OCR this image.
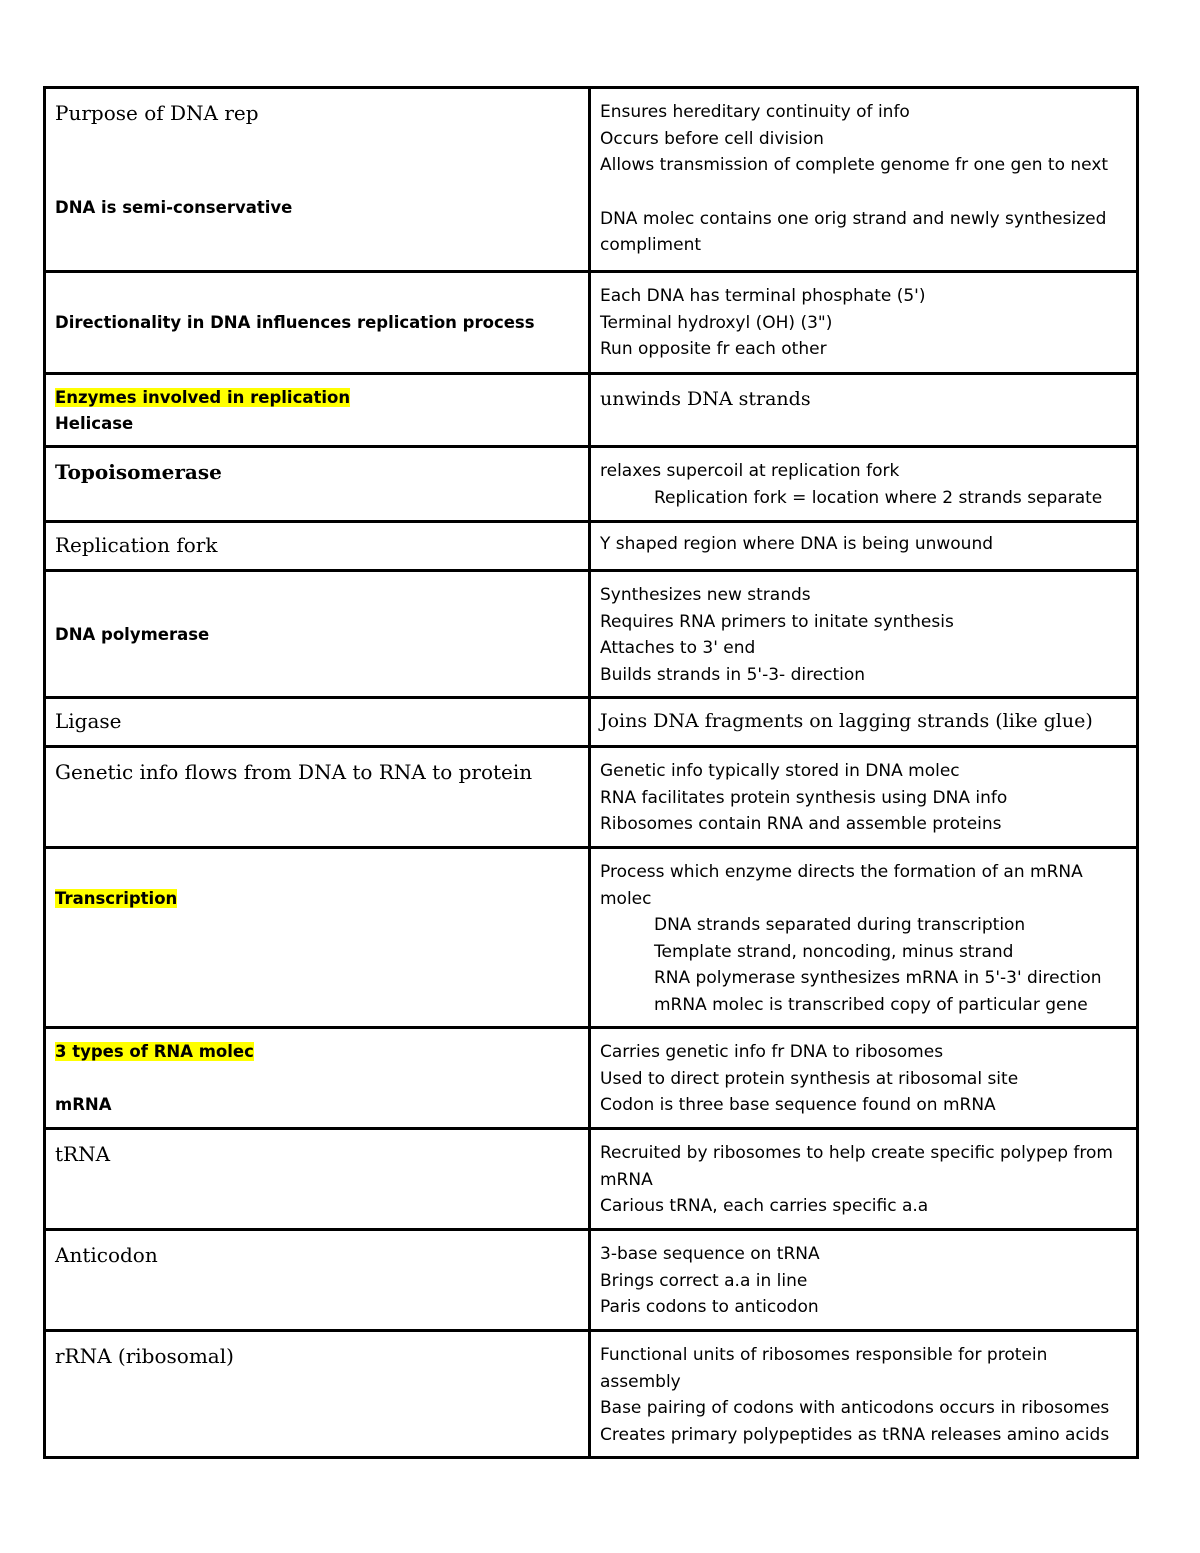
Purpose of DNA rep
DNA is semi-conservative	Ensures hereditary continuity of info
Occurs before cell division
Allows transmission of complete genome fr one gen to next
DNA molec contains one orig strand and newly synthesized compliment

Directionality in DNA influences replication process	Each DNA has terminal phosphate (5')
Terminal hydroxyl (OH) (3")
Run opposite fr each other

Enzymes involved in replication
Helicase	unwinds DNA strands

Topoisomerase	relaxes supercoil at replication fork
Replication fork = location where 2 strands separate

Replication fork	Y shaped region where DNA is being unwound

DNA polymerase	Synthesizes new strands
Requires RNA primers to initate synthesis
Attaches to 3' end
Builds strands in 5'-3- direction

Ligase	Joins DNA fragments on lagging strands (like glue)

Genetic info flows from DNA to RNA to protein	Genetic info typically stored in DNA molec
RNA facilitates protein synthesis using DNA info
Ribosomes contain RNA and assemble proteins

Transcription	Process which enzyme directs the formation of an mRNA molec
DNA strands separated during transcription
Template strand, noncoding, minus strand
RNA polymerase synthesizes mRNA in 5'-3' direction
mRNA molec is transcribed copy of particular gene

3 types of RNA molec
mRNA	Carries genetic info fr DNA to ribosomes
Used to direct protein synthesis at ribosomal site
Codon is three base sequence found on mRNA

tRNA	Recruited by ribosomes to help create specific polypep from mRNA
Carious tRNA, each carries specific a.a

Anticodon	3-base sequence on tRNA
Brings correct a.a in line
Paris codons to anticodon

rRNA (ribosomal)	Functional units of ribosomes responsible for protein assembly
Base pairing of codons with anticodons occurs in ribosomes
Creates primary polypeptides as tRNA releases amino acids
